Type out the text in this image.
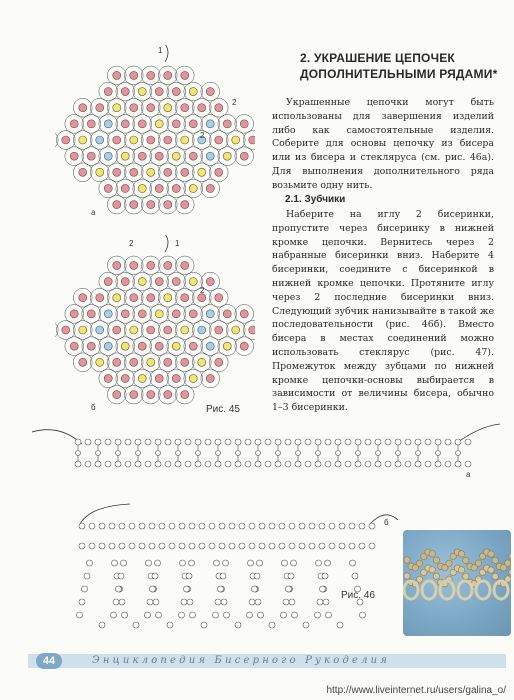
а
1
2
2
б
2	1
2
Рис. 45
2. УКРАШЕНИЕ ЦЕПОЧЕК
ДОПОЛНИТЕЛЬНЫМИ РЯДАМИ*

Украшенные цепочки могут быть использованы для завершения изделий либо как самостоятельные изделия. Соберите для основы цепочку из бисера или из бисера и стекляруса (см. рис. 46а). Для выполнения дополнительного ряда возьмите одну нить.

2.1. Зубчики

Наберите на иглу 2 бисеринки, пропустите через бисеринку в нижней кромке цепочки. Вернитесь через 2 набранные бисеринки вниз. Наберите 4 бисеринки, соедините с бисеринкой в нижней кромке цепочки. Протяните иглу через 2 последние бисеринки вниз. Следующий зубчик нанизывайте в такой же последовательности (рис. 46б). Вместо бисера в местах соединений можно использовать стеклярус (рис. 47). Промежуток между зубцами по нижней кромке цепочки-основы выбирается в зависимости от величины бисера, обычно 1–3 бисеринки.

а
б
Рис. 46
44	Энциклопедия Бисерного Рукоделия
http://www.liveinternet.ru/users/galina_o/
